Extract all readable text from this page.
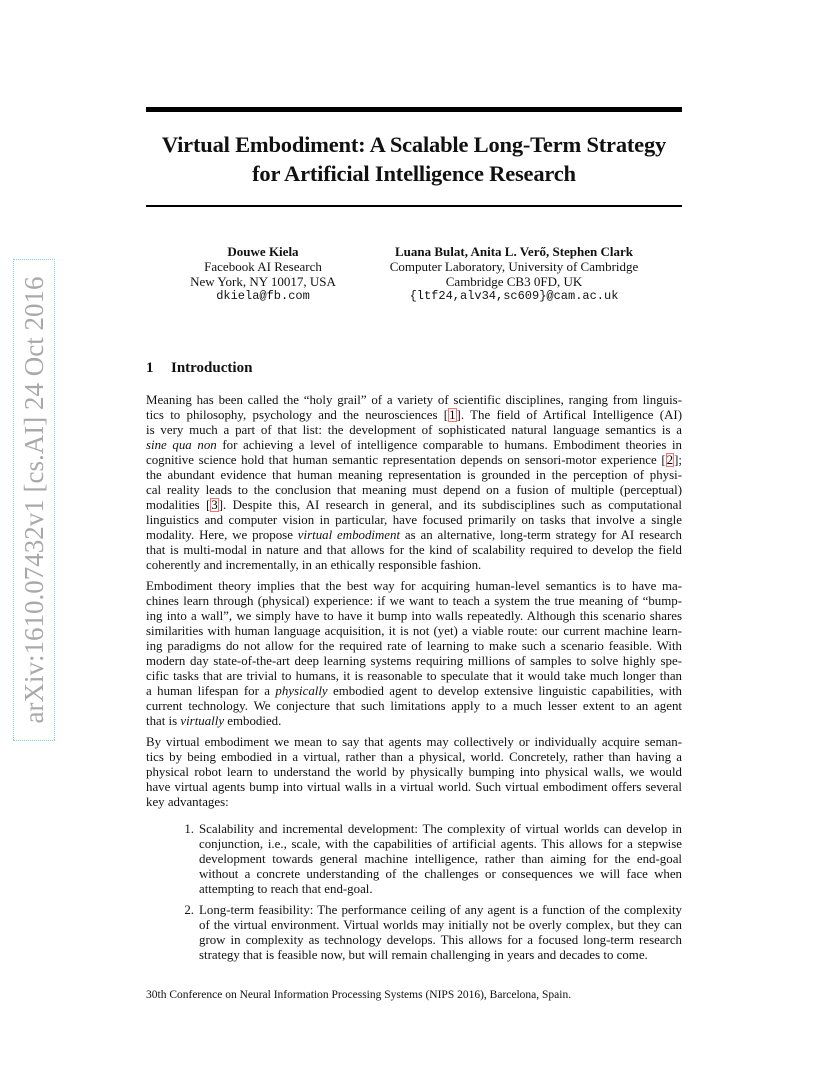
arXiv:1610.07432v1 [cs.AI] 24 Oct 2016
Virtual Embodiment: A Scalable Long-Term Strategy
for Artificial Intelligence Research
Douwe Kiela
Facebook AI Research
New York, NY 10017, USA
dkiela@fb.com
Luana Bulat, Anita L. Verő, Stephen Clark
Computer Laboratory, University of Cambridge
Cambridge CB3 0FD, UK
{ltf24,alv34,sc609}@cam.ac.uk
1 Introduction
Meaning has been called the “holy grail” of a variety of scientific disciplines, ranging from linguis-
tics to philosophy, psychology and the neurosciences [1]. The field of Artifical Intelligence (AI)
is very much a part of that list: the development of sophisticated natural language semantics is a
sine qua non for achieving a level of intelligence comparable to humans. Embodiment theories in
cognitive science hold that human semantic representation depends on sensori-motor experience [2];
the abundant evidence that human meaning representation is grounded in the perception of physi-
cal reality leads to the conclusion that meaning must depend on a fusion of multiple (perceptual)
modalities [3]. Despite this, AI research in general, and its subdisciplines such as computational
linguistics and computer vision in particular, have focused primarily on tasks that involve a single
modality. Here, we propose virtual embodiment as an alternative, long-term strategy for AI research
that is multi-modal in nature and that allows for the kind of scalability required to develop the field
coherently and incrementally, in an ethically responsible fashion.
Embodiment theory implies that the best way for acquiring human-level semantics is to have ma-
chines learn through (physical) experience: if we want to teach a system the true meaning of “bump-
ing into a wall”, we simply have to have it bump into walls repeatedly. Although this scenario shares
similarities with human language acquisition, it is not (yet) a viable route: our current machine learn-
ing paradigms do not allow for the required rate of learning to make such a scenario feasible. With
modern day state-of-the-art deep learning systems requiring millions of samples to solve highly spe-
cific tasks that are trivial to humans, it is reasonable to speculate that it would take much longer than
a human lifespan for a physically embodied agent to develop extensive linguistic capabilities, with
current technology. We conjecture that such limitations apply to a much lesser extent to an agent
that is virtually embodied.
By virtual embodiment we mean to say that agents may collectively or individually acquire seman-
tics by being embodied in a virtual, rather than a physical, world. Concretely, rather than having a
physical robot learn to understand the world by physically bumping into physical walls, we would
have virtual agents bump into virtual walls in a virtual world. Such virtual embodiment offers several
key advantages:
1. Scalability and incremental development: The complexity of virtual worlds can develop in
conjunction, i.e., scale, with the capabilities of artificial agents. This allows for a stepwise
development towards general machine intelligence, rather than aiming for the end-goal
without a concrete understanding of the challenges or consequences we will face when
attempting to reach that end-goal.
2. Long-term feasibility: The performance ceiling of any agent is a function of the complexity
of the virtual environment. Virtual worlds may initially not be overly complex, but they can
grow in complexity as technology develops. This allows for a focused long-term research
strategy that is feasible now, but will remain challenging in years and decades to come.
30th Conference on Neural Information Processing Systems (NIPS 2016), Barcelona, Spain.
